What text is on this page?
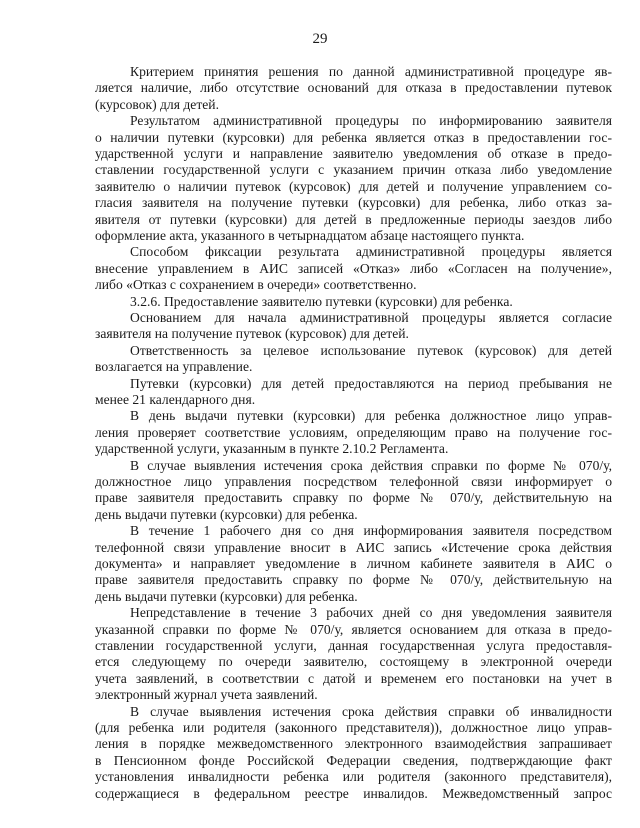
29
Критерием принятия решения по данной административной процедуре яв-
ляется наличие, либо отсутствие оснований для отказа в предоставлении путевок
(курсовок) для детей.
Результатом административной процедуры по информированию заявителя
о наличии путевки (курсовки) для ребенка является отказ в предоставлении гос-
ударственной услуги и направление заявителю уведомления об отказе в предо-
ставлении государственной услуги с указанием причин отказа либо уведомление
заявителю о наличии путевок (курсовок) для детей и получение управлением со-
гласия заявителя на получение путевки (курсовки) для ребенка, либо отказ за-
явителя от путевки (курсовки) для детей в предложенные периоды заездов либо
оформление акта, указанного в четырнадцатом абзаце настоящего пункта.
Способом фиксации результата административной процедуры является
внесение управлением в АИС записей «Отказ» либо «Согласен на получение»,
либо «Отказ с сохранением в очереди» соответственно.
3.2.6. Предоставление заявителю путевки (курсовки) для ребенка.
Основанием для начала административной процедуры является согласие
заявителя на получение путевок (курсовок) для детей.
Ответственность за целевое использование путевок (курсовок) для детей
возлагается на управление.
Путевки (курсовки) для детей предоставляются на период пребывания не
менее 21 календарного дня.
В день выдачи путевки (курсовки) для ребенка должностное лицо управ-
ления проверяет соответствие условиям, определяющим право на получение гос-
ударственной услуги, указанным в пункте 2.10.2 Регламента.
В случае выявления истечения срока действия справки по форме № 070/у,
должностное лицо управления посредством телефонной связи информирует о
праве заявителя предоставить справку по форме № 070/у, действительную на
день выдачи путевки (курсовки) для ребенка.
В течение 1 рабочего дня со дня информирования заявителя посредством
телефонной связи управление вносит в АИС запись «Истечение срока действия
документа» и направляет уведомление в личном кабинете заявителя в АИС о
праве заявителя предоставить справку по форме № 070/у, действительную на
день выдачи путевки (курсовки) для ребенка.
Непредставление в течение 3 рабочих дней со дня уведомления заявителя
указанной справки по форме № 070/у, является основанием для отказа в предо-
ставлении государственной услуги, данная государственная услуга предоставля-
ется следующему по очереди заявителю, состоящему в электронной очереди
учета заявлений, в соответствии с датой и временем его постановки на учет в
электронный журнал учета заявлений.
В случае выявления истечения срока действия справки об инвалидности
(для ребенка или родителя (законного представителя)), должностное лицо управ-
ления в порядке межведомственного электронного взаимодействия запрашивает
в Пенсионном фонде Российской Федерации сведения, подтверждающие факт
установления инвалидности ребенка или родителя (законного представителя),
содержащиеся в федеральном реестре инвалидов. Межведомственный запрос
